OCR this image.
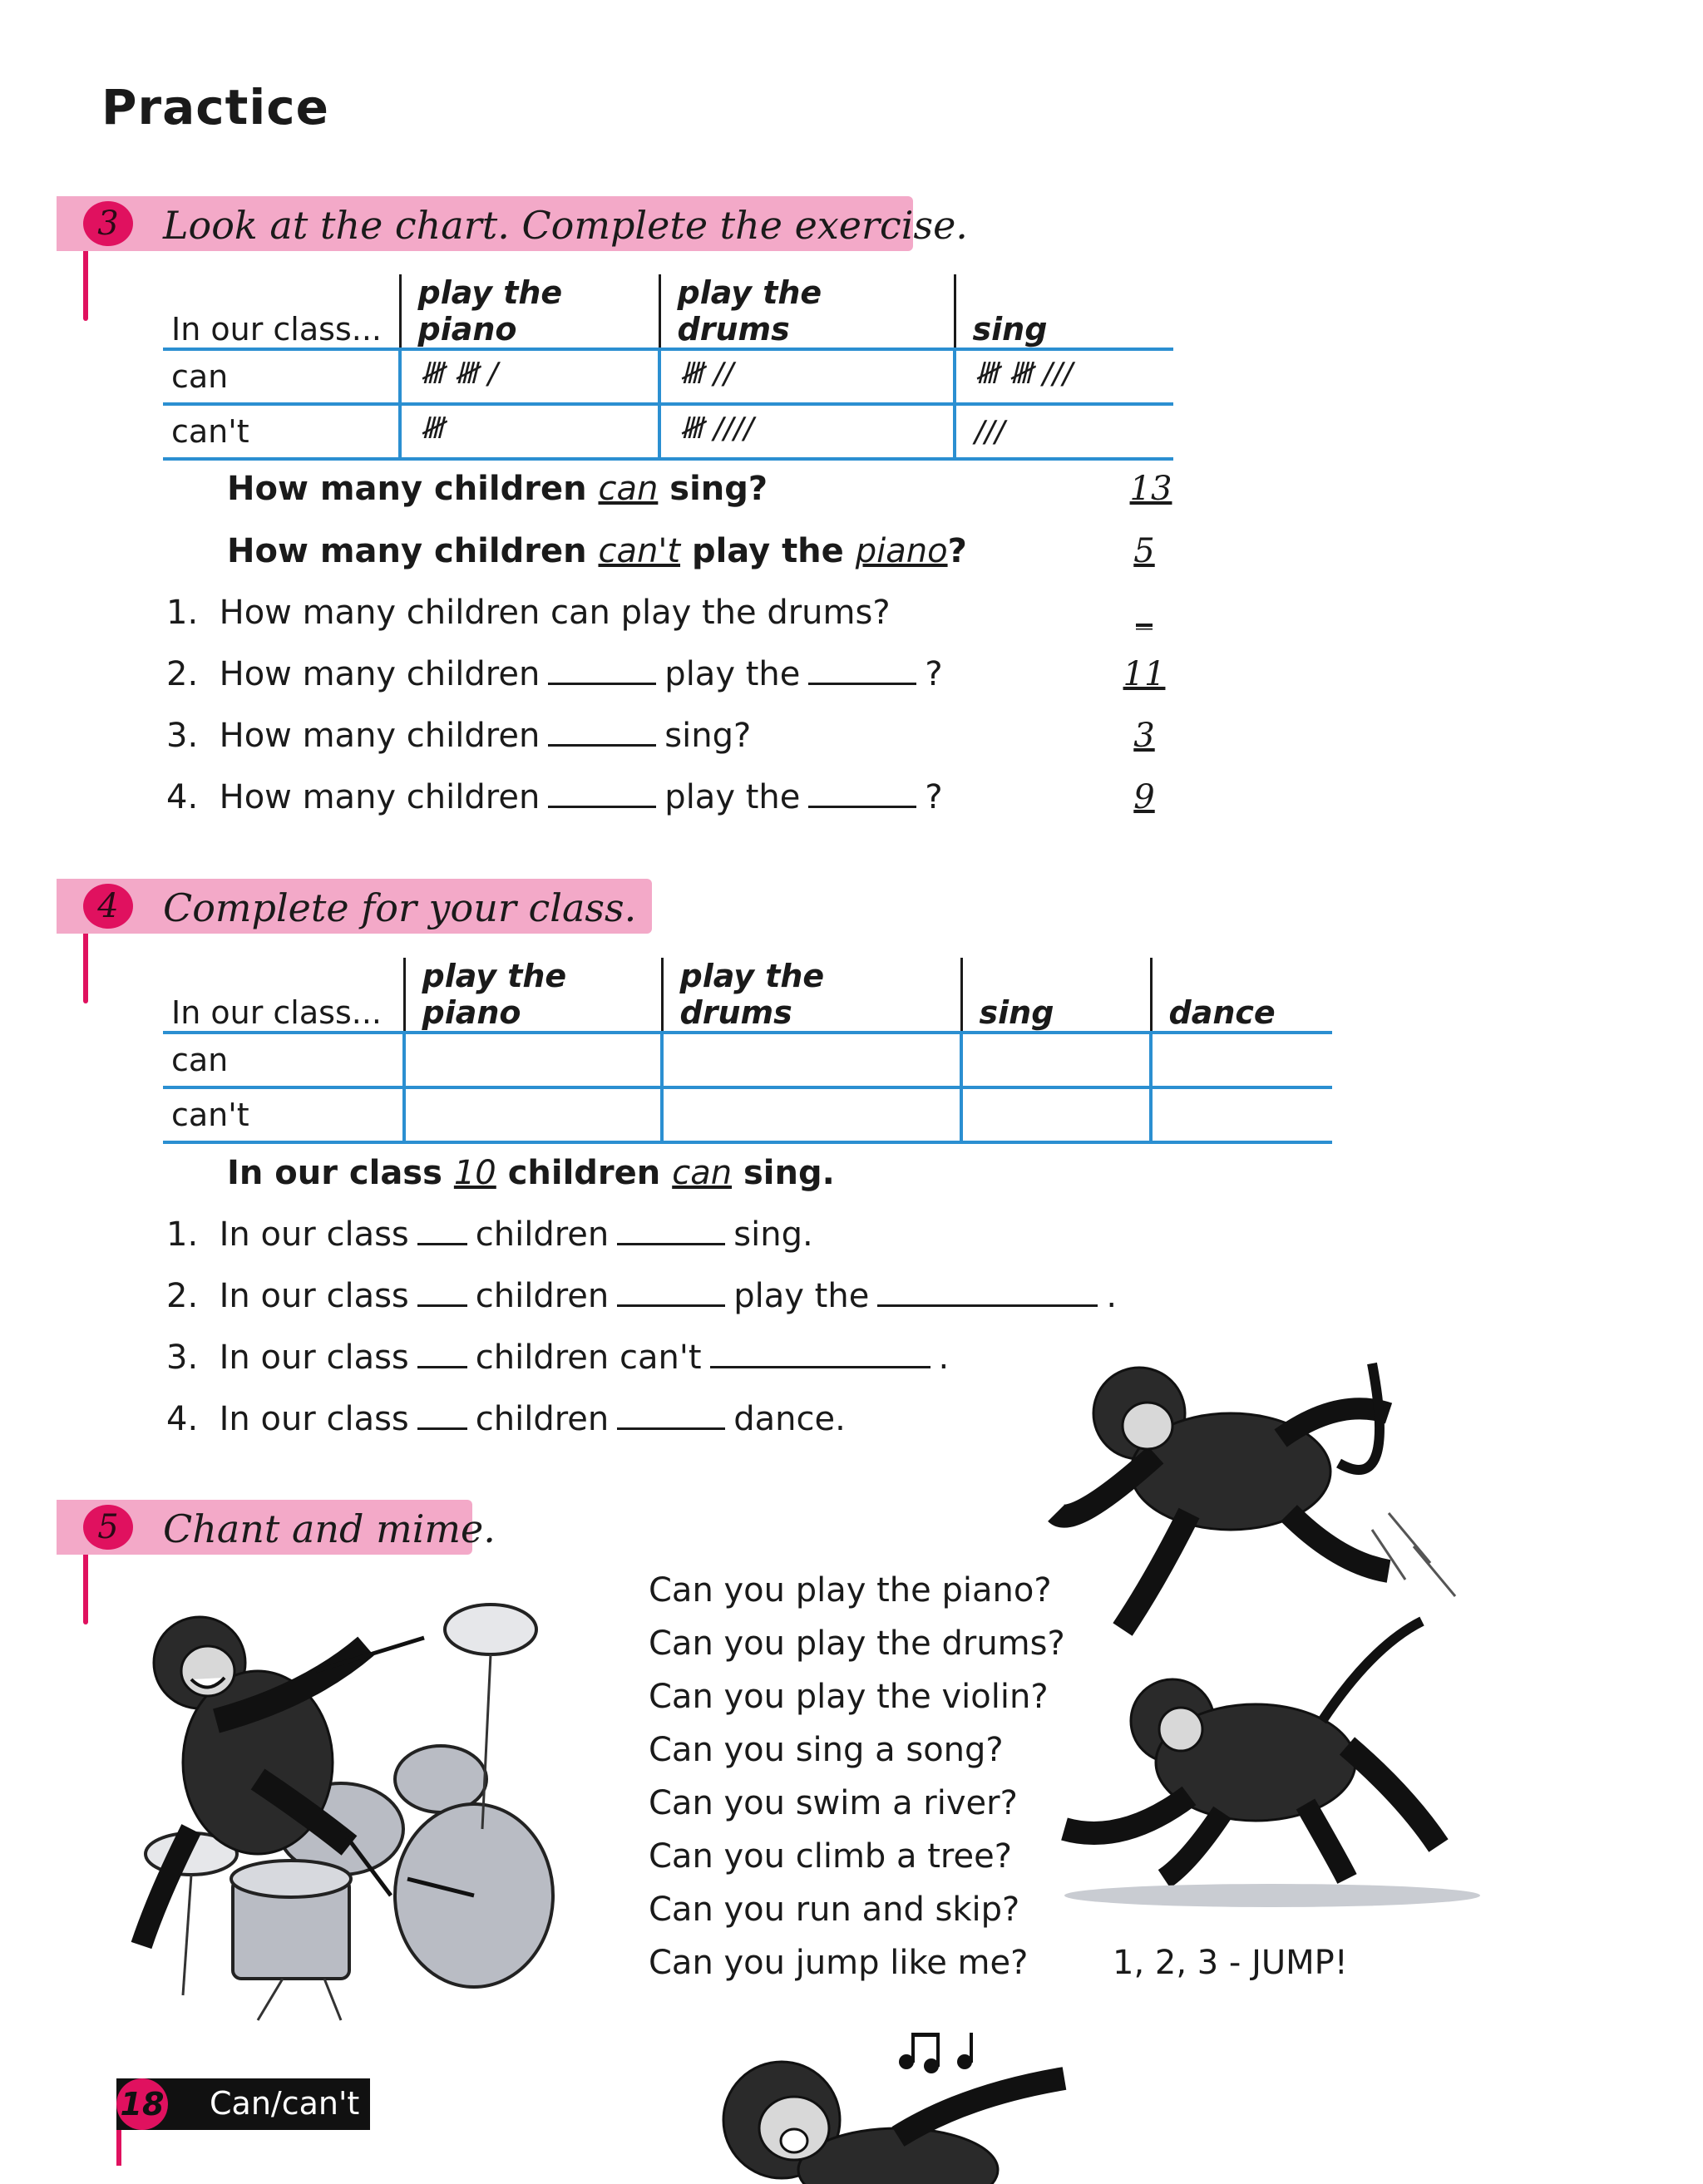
Practice
3	Look at the chart. Complete the exercise.
In our class...	play the piano	play the drums	sing
can	𝍸 𝍸 /	𝍸 //	𝍸 𝍸 ///
can't	𝍸	𝍸 ////	///
How many children can sing?	13
How many children can't play the piano?	5
1. How many children can play the drums?	_
2. How many children	play the	?	11
3. How many children	sing?	3
4. How many children	play the	?	9
4	Complete for your class.
In our class...	play the piano	play the drums	sing	dance
can				
can't				
In our class 10 children can sing.
1. In our class children	sing.
2. In our class children	play the	.
3. In our class children can't	.
4. In our class children	dance.
5	Chant and mime.
Can you play the piano?
Can you play the drums?
Can you play the violin?
Can you sing a song?
Can you swim a river?
Can you climb a tree?
Can you run and skip?
Can you jump like me?	1, 2, 3 - JUMP!
18 Can/can't
